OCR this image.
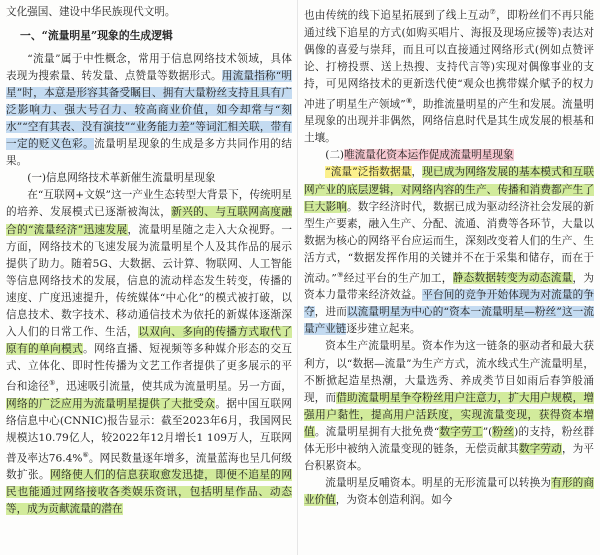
文化强国、建设中华民族现代文明。

一、“流量明星”现象的生成逻辑

“流量”属于中性概念，常用于信息网络技术领域，具体表现为搜索量、转发量、点赞量等数据形式。用流量指称“明星”时，本意是形容其备受瞩目、拥有大量粉丝支持且具有广泛影响力、强大号召力、较高商业价值，如今却常与“刻水”“空有其表、没有演技”“业务能力差”等词汇相关联，带有一定的贬义色彩。流量明星现象的生成是多方共同作用的结果。

(一)信息网络技术革新催生流量明星现象

在“互联网+文娱”这一产业生态转型大背景下，传统明星的培养、发展模式已逐渐被淘汰，新兴的、与互联网高度融合的“流量经济”迅速发展，流量明星随之走入大众视野。一方面，网络技术的飞速发展为流量明星个人及其作品的展示提供了助力。随着5G、大数据、云计算、物联网、人工智能等信息网络技术的发展，信息的流动样态发生转变，传播的速度、广度迅速提升，传统媒体“中心化”的模式被打破，以信息技术、数字技术、移动通信技术为依托的新媒体逐渐深入人们的日常工作、生活，以双向、多向的传播方式取代了原有的单向模式。网络直播、短视频等多种媒介形态的交互式、立体化、即时性传播为文艺工作者提供了更多展示的平台和途径⑤，迅速吸引流量，使其成为流量明星。另一方面，网络的广泛应用为流量明星提供了大批受众。据中国互联网络信息中心(CNNIC)报告显示：截至2023年6月，我国网民规模达10.79亿人，较2022年12月增长1 109万人，互联网普及率达76.4%⑥。网民数量逐年增多，流量蓝海也呈几何级数扩张。网络使人们的信息获取愈发迅捷，即便不追星的网民也能通过网络接收各类娱乐资讯，包括明星作品、动态等，成为贡献流量的潜在

也由传统的线下追星拓展到了线上互动⑦，即粉丝们不再只能通过线下追星的方式(如购买唱片、海报及现场应援等)表达对偶像的喜爱与崇拜，而且可以直接通过网络形式(例如点赞评论、打榜投票、送上热搜、支持代言等)实现对偶像事业的支持，可见网络技术的更新迭代使“观众也携带媒介赋予的权力冲进了明星生产领域”⑧，助推流量明星的产生和发展。流量明星现象的出现并非偶然，网络信息时代是其生成发展的根基和土壤。

(二)唯流量化资本运作促成流量明星现象

“流量”泛指数据量，现已成为网络发展的基本模式和互联网产业的底层逻辑，对网络内容的生产、传播和消费都产生了巨大影响。数字经济时代，数据已成为驱动经济社会发展的新型生产要素，融入生产、分配、流通、消费等各环节，大量以数据为核心的网络平台应运而生，深刻改变着人们的生产、生活方式，“数据发挥作用的关键并不在于采集和储存，而在于流动。”⑨经过平台的生产加工，静态数据转变为动态流量，为资本力量带来经济效益。平台间的竞争开始体现为对流量的争夺，进而以流量明星为中心的“资本一流量明星—粉丝”这一流量产业链逐步建立起来。

资本生产流量明星。资本作为这一链条的驱动者和最大获利方，以“数据—流量”为生产方式，流水线式生产流量明星，不断掀起造星热潮，大量选秀、养成类节目如雨后春笋般涌现，而借助流量明星争夺粉丝用户注意力，扩大用户规模，增强用户黏性，提高用户活跃度，实现流量变现，获得资本增值。流量明星拥有大批免费“数字劳工”(粉丝)的支持，粉丝群体无形中被纳入流量变现的链条，无偿贡献其数字劳动，为平台积累资本。

流量明星反哺资本。明星的无形流量可以转换为有形的商业价值，为资本创造利润。如今
